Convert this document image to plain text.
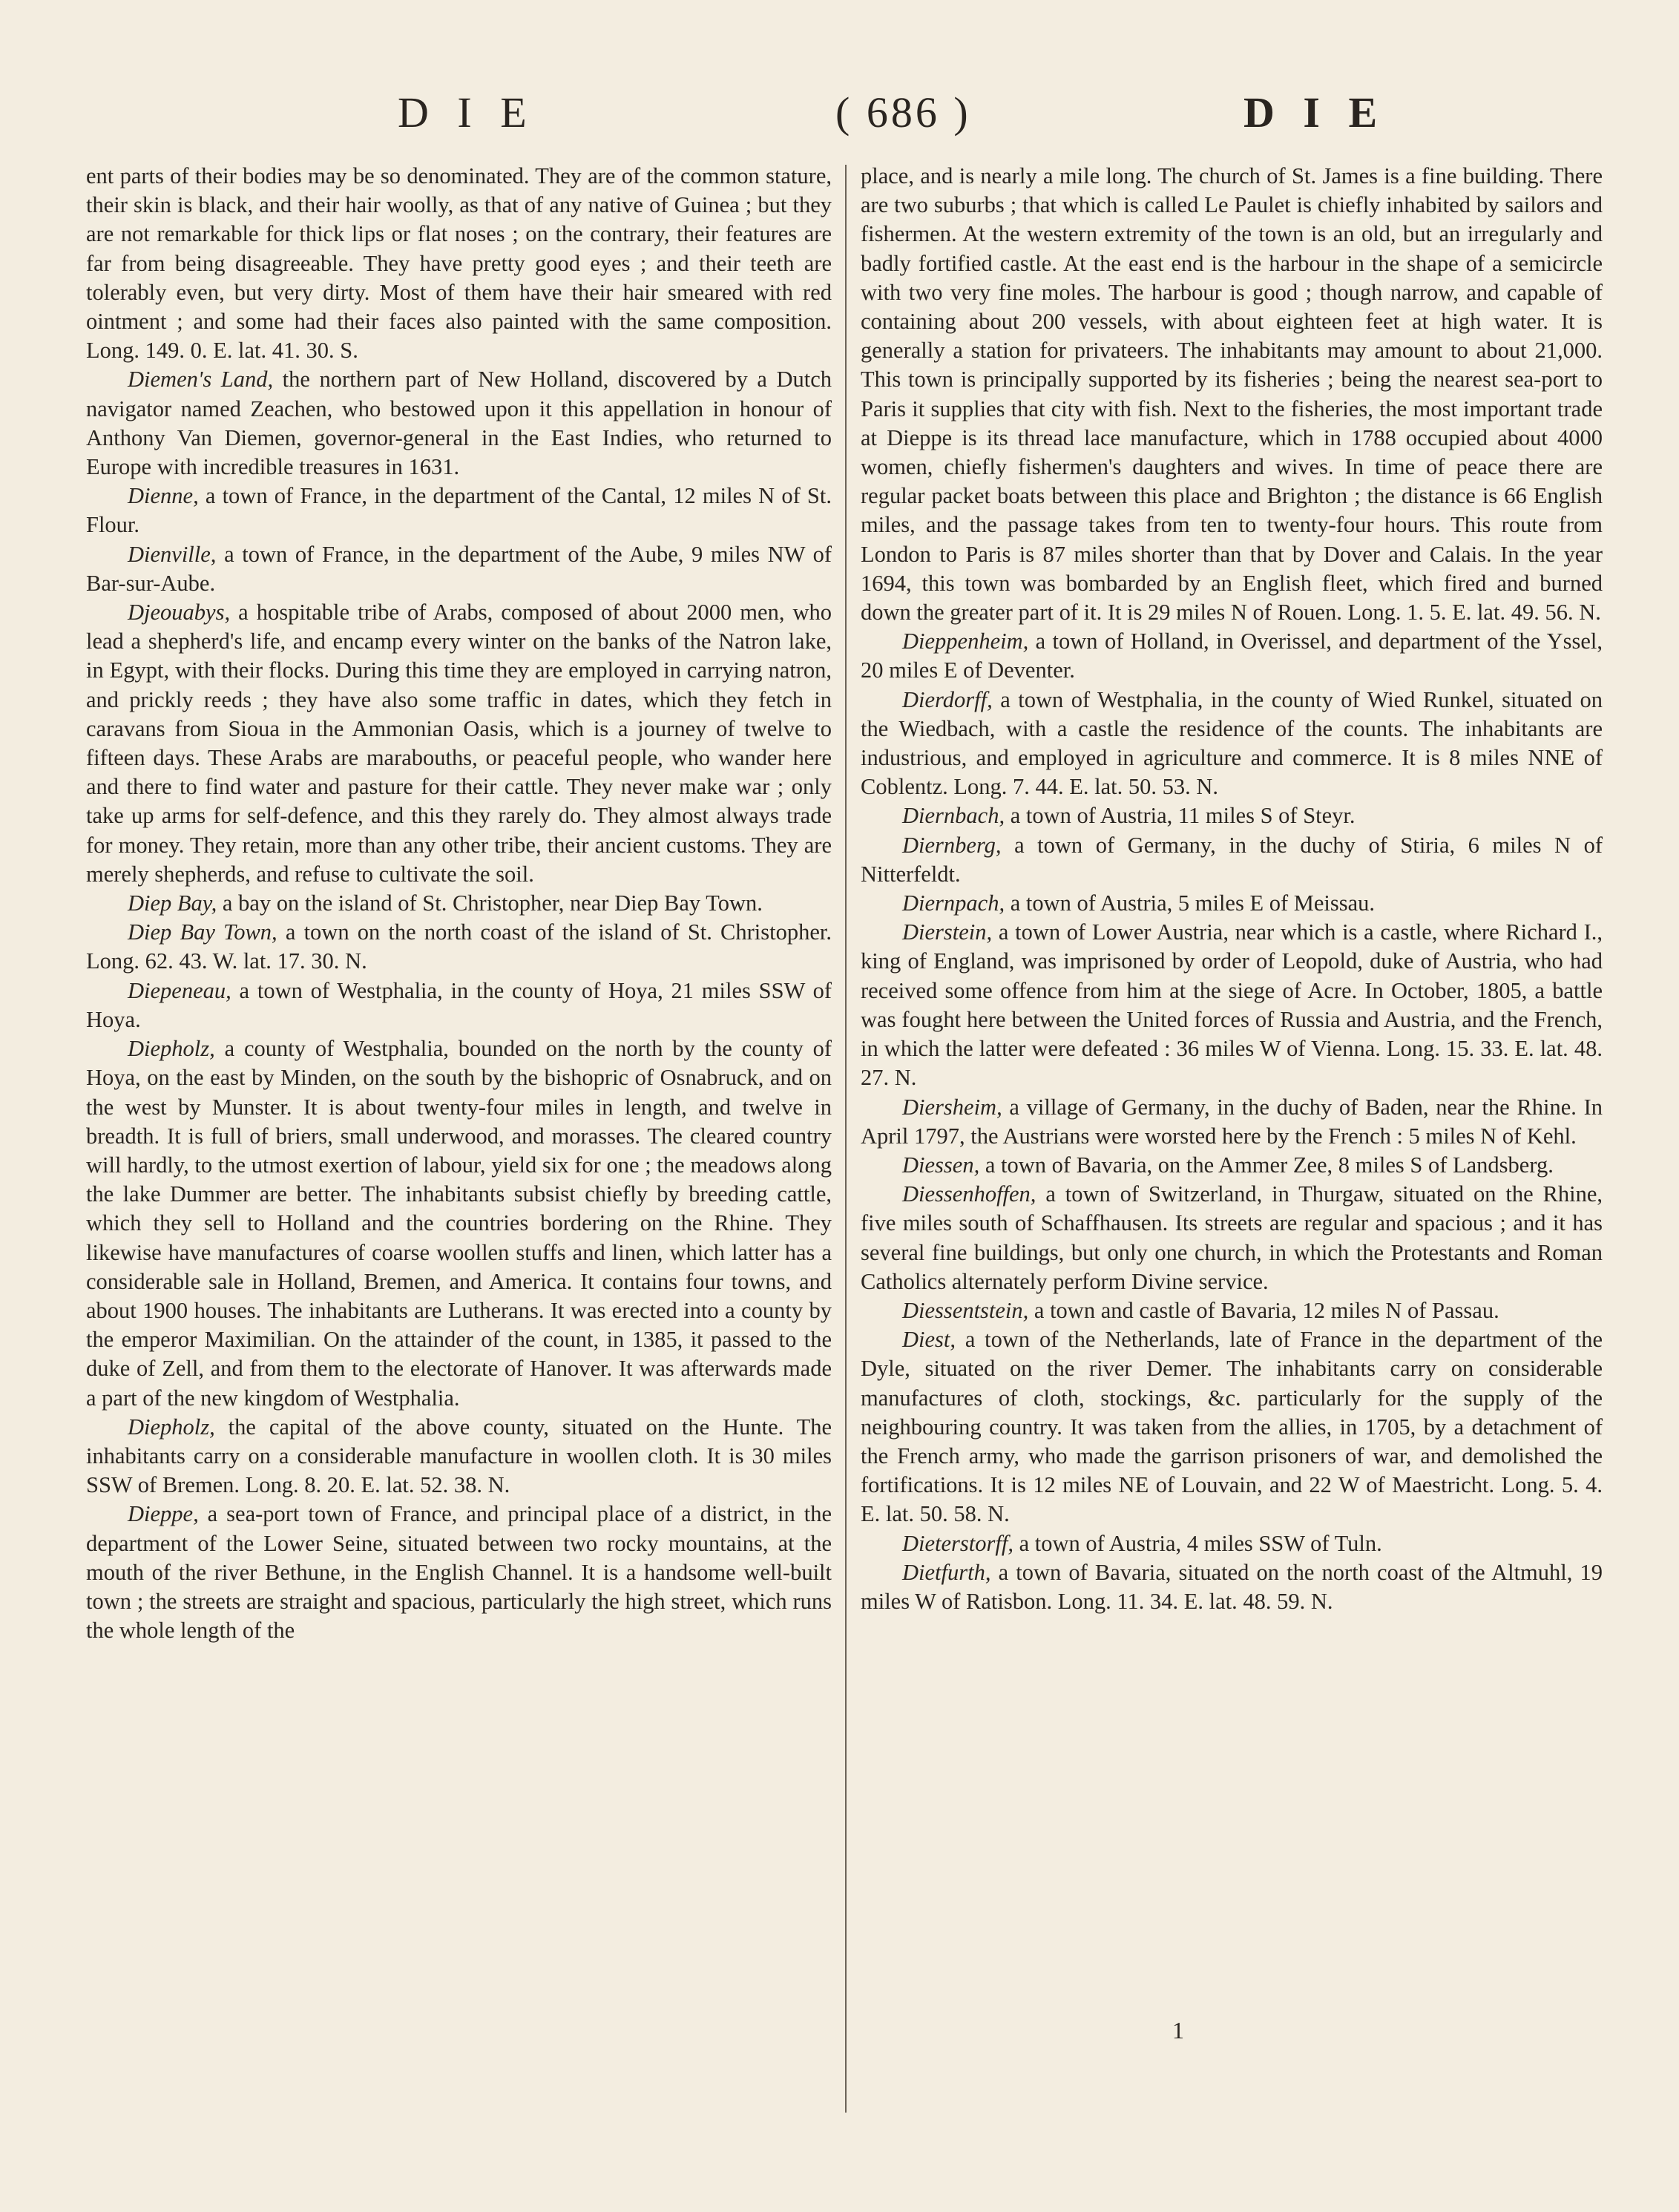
D I E	( 686 )	D I E

ent parts of their bodies may be so denominated. They are of the common stature, their skin is black, and their hair woolly, as that of any native of Guinea ; but they are not remarkable for thick lips or flat noses ; on the contrary, their features are far from being disagreeable. They have pretty good eyes ; and their teeth are tolerably even, but very dirty. Most of them have their hair smeared with red ointment ; and some had their faces also painted with the same composition. Long. 149. 0. E. lat. 41. 30. S.

Diemen's Land, the northern part of New Holland, discovered by a Dutch navigator named Zeachen, who bestowed upon it this appellation in honour of Anthony Van Diemen, governor-general in the East Indies, who returned to Europe with incredible treasures in 1631.

Dienne, a town of France, in the department of the Cantal, 12 miles N of St. Flour.

Dienville, a town of France, in the department of the Aube, 9 miles NW of Bar-sur-Aube.

Djeouabys, a hospitable tribe of Arabs, composed of about 2000 men, who lead a shepherd's life, and encamp every winter on the banks of the Natron lake, in Egypt, with their flocks. During this time they are employed in carrying natron, and prickly reeds ; they have also some traffic in dates, which they fetch in caravans from Sioua in the Ammonian Oasis, which is a journey of twelve to fifteen days. These Arabs are marabouths, or peaceful people, who wander here and there to find water and pasture for their cattle. They never make war ; only take up arms for self-defence, and this they rarely do. They almost always trade for money. They retain, more than any other tribe, their ancient customs. They are merely shepherds, and refuse to cultivate the soil.

Diep Bay, a bay on the island of St. Christopher, near Diep Bay Town.

Diep Bay Town, a town on the north coast of the island of St. Christopher. Long. 62. 43. W. lat. 17. 30. N.

Diepeneau, a town of Westphalia, in the county of Hoya, 21 miles SSW of Hoya.

Diepholz, a county of Westphalia, bounded on the north by the county of Hoya, on the east by Minden, on the south by the bishopric of Osnabruck, and on the west by Munster. It is about twenty-four miles in length, and twelve in breadth. It is full of briers, small underwood, and morasses. The cleared country will hardly, to the utmost exertion of labour, yield six for one ; the meadows along the lake Dummer are better. The inhabitants subsist chiefly by breeding cattle, which they sell to Holland and the countries bordering on the Rhine. They likewise have manufactures of coarse woollen stuffs and linen, which latter has a considerable sale in Holland, Bremen, and America. It contains four towns, and about 1900 houses. The inhabitants are Lutherans. It was erected into a county by the emperor Maximilian. On the attainder of the count, in 1385, it passed to the duke of Zell, and from them to the electorate of Hanover. It was afterwards made a part of the new kingdom of Westphalia.

Diepholz, the capital of the above county, situated on the Hunte. The inhabitants carry on a considerable manufacture in woollen cloth. It is 30 miles SSW of Bremen. Long. 8. 20. E. lat. 52. 38. N.

Dieppe, a sea-port town of France, and principal place of a district, in the department of the Lower Seine, situated between two rocky mountains, at the mouth of the river Bethune, in the English Channel. It is a handsome well-built town ; the streets are straight and spacious, particularly the high street, which runs the whole length of the

place, and is nearly a mile long. The church of St. James is a fine building. There are two suburbs ; that which is called Le Paulet is chiefly inhabited by sailors and fishermen. At the western extremity of the town is an old, but an irregularly and badly fortified castle. At the east end is the harbour in the shape of a semicircle with two very fine moles. The harbour is good ; though narrow, and capable of containing about 200 vessels, with about eighteen feet at high water. It is generally a station for privateers. The inhabitants may amount to about 21,000. This town is principally supported by its fisheries ; being the nearest sea-port to Paris it supplies that city with fish. Next to the fisheries, the most important trade at Dieppe is its thread lace manufacture, which in 1788 occupied about 4000 women, chiefly fishermen's daughters and wives. In time of peace there are regular packet boats between this place and Brighton ; the distance is 66 English miles, and the passage takes from ten to twenty-four hours. This route from London to Paris is 87 miles shorter than that by Dover and Calais. In the year 1694, this town was bombarded by an English fleet, which fired and burned down the greater part of it. It is 29 miles N of Rouen. Long. 1. 5. E. lat. 49. 56. N.

Dieppenheim, a town of Holland, in Overissel, and department of the Yssel, 20 miles E of Deventer.

Dierdorff, a town of Westphalia, in the county of Wied Runkel, situated on the Wiedbach, with a castle the residence of the counts. The inhabitants are industrious, and employed in agriculture and commerce. It is 8 miles NNE of Coblentz. Long. 7. 44. E. lat. 50. 53. N.

Diernbach, a town of Austria, 11 miles S of Steyr.

Diernberg, a town of Germany, in the duchy of Stiria, 6 miles N of Nitterfeldt.

Diernpach, a town of Austria, 5 miles E of Meissau.

Dierstein, a town of Lower Austria, near which is a castle, where Richard I., king of England, was imprisoned by order of Leopold, duke of Austria, who had received some offence from him at the siege of Acre. In October, 1805, a battle was fought here between the United forces of Russia and Austria, and the French, in which the latter were defeated : 36 miles W of Vienna. Long. 15. 33. E. lat. 48. 27. N.

Diersheim, a village of Germany, in the duchy of Baden, near the Rhine. In April 1797, the Austrians were worsted here by the French : 5 miles N of Kehl.

Diessen, a town of Bavaria, on the Ammer Zee, 8 miles S of Landsberg.

Diessenhoffen, a town of Switzerland, in Thurgaw, situated on the Rhine, five miles south of Schaffhausen. Its streets are regular and spacious ; and it has several fine buildings, but only one church, in which the Protestants and Roman Catholics alternately perform Divine service.

Diessentstein, a town and castle of Bavaria, 12 miles N of Passau.

Diest, a town of the Netherlands, late of France in the department of the Dyle, situated on the river Demer. The inhabitants carry on considerable manufactures of cloth, stockings, &c. particularly for the supply of the neighbouring country. It was taken from the allies, in 1705, by a detachment of the French army, who made the garrison prisoners of war, and demolished the fortifications. It is 12 miles NE of Louvain, and 22 W of Maestricht. Long. 5. 4. E. lat. 50. 58. N.

Dieterstorff, a town of Austria, 4 miles SSW of Tuln.

Dietfurth, a town of Bavaria, situated on the north coast of the Altmuhl, 19 miles W of Ratisbon. Long. 11. 34. E. lat. 48. 59. N.

1
